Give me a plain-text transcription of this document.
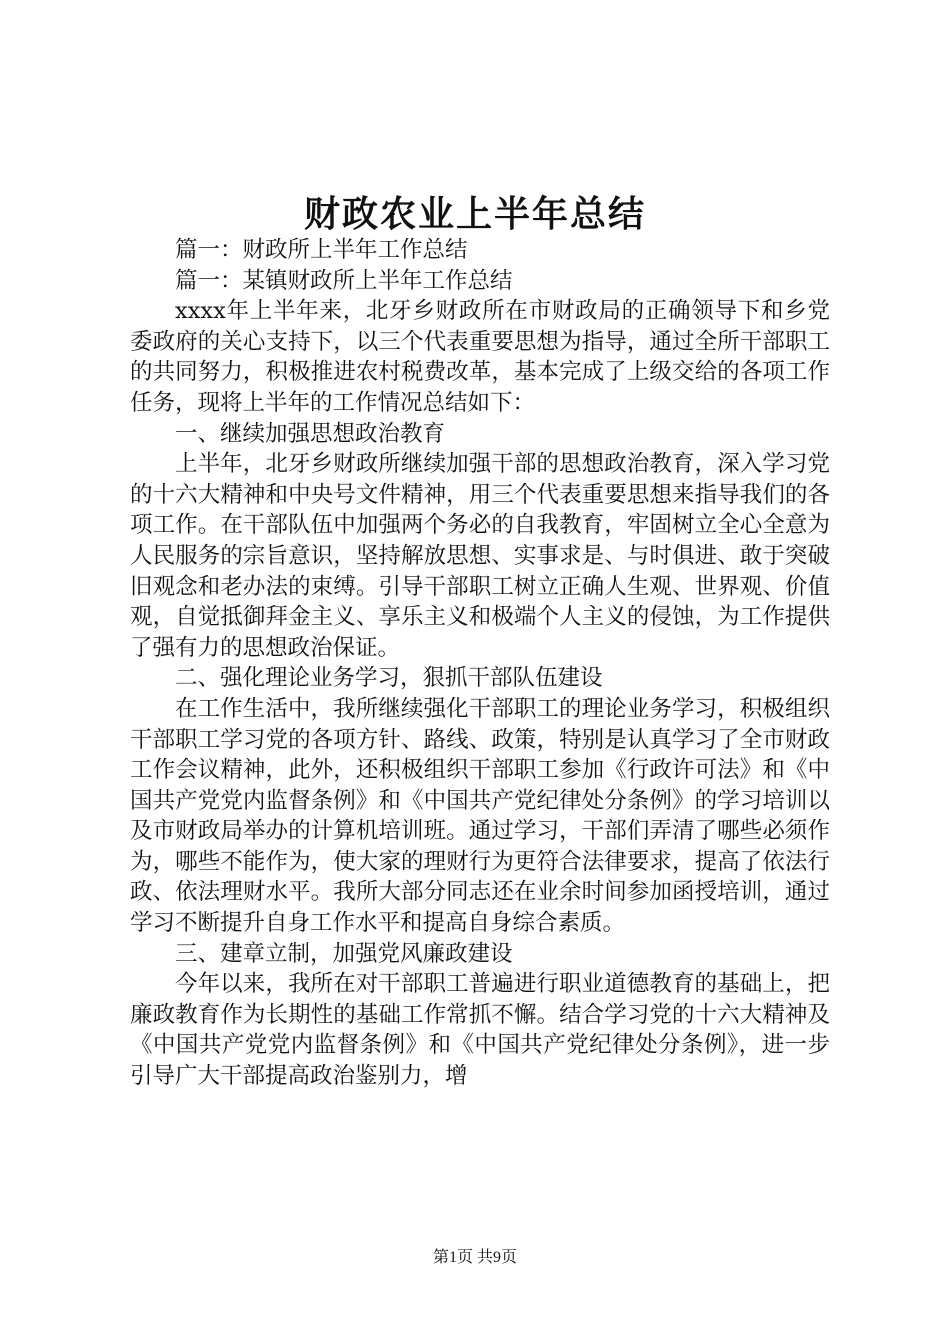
财政农业上半年总结

篇一：财政所上半年工作总结

篇一：某镇财政所上半年工作总结

xxxx年上半年来，北牙乡财政所在市财政局的正确领导下和乡党委政府的关心支持下，以三个代表重要思想为指导，通过全所干部职工的共同努力，积极推进农村税费改革，基本完成了上级交给的各项工作任务，现将上半年的工作情况总结如下：

一、继续加强思想政治教育

上半年，北牙乡财政所继续加强干部的思想政治教育，深入学习党的十六大精神和中央号文件精神，用三个代表重要思想来指导我们的各项工作。在干部队伍中加强两个务必的自我教育，牢固树立全心全意为人民服务的宗旨意识，坚持解放思想、实事求是、与时俱进、敢于突破旧观念和老办法的束缚。引导干部职工树立正确人生观、世界观、价值观，自觉抵御拜金主义、享乐主义和极端个人主义的侵蚀，为工作提供了强有力的思想政治保证。

二、强化理论业务学习，狠抓干部队伍建设

在工作生活中，我所继续强化干部职工的理论业务学习，积极组织干部职工学习党的各项方针、路线、政策，特别是认真学习了全市财政工作会议精神，此外，还积极组织干部职工参加《行政许可法》和《中国共产党党内监督条例》和《中国共产党纪律处分条例》的学习培训以及市财政局举办的计算机培训班。通过学习，干部们弄清了哪些必须作为，哪些不能作为，使大家的理财行为更符合法律要求，提高了依法行政、依法理财水平。我所大部分同志还在业余时间参加函授培训，通过学习不断提升自身工作水平和提高自身综合素质。

三、建章立制，加强党风廉政建设

今年以来，我所在对干部职工普遍进行职业道德教育的基础上，把廉政教育作为长期性的基础工作常抓不懈。结合学习党的十六大精神及《中国共产党党内监督条例》和《中国共产党纪律处分条例》，进一步引导广大干部提高政治鉴别力，增

第1页 共9页
